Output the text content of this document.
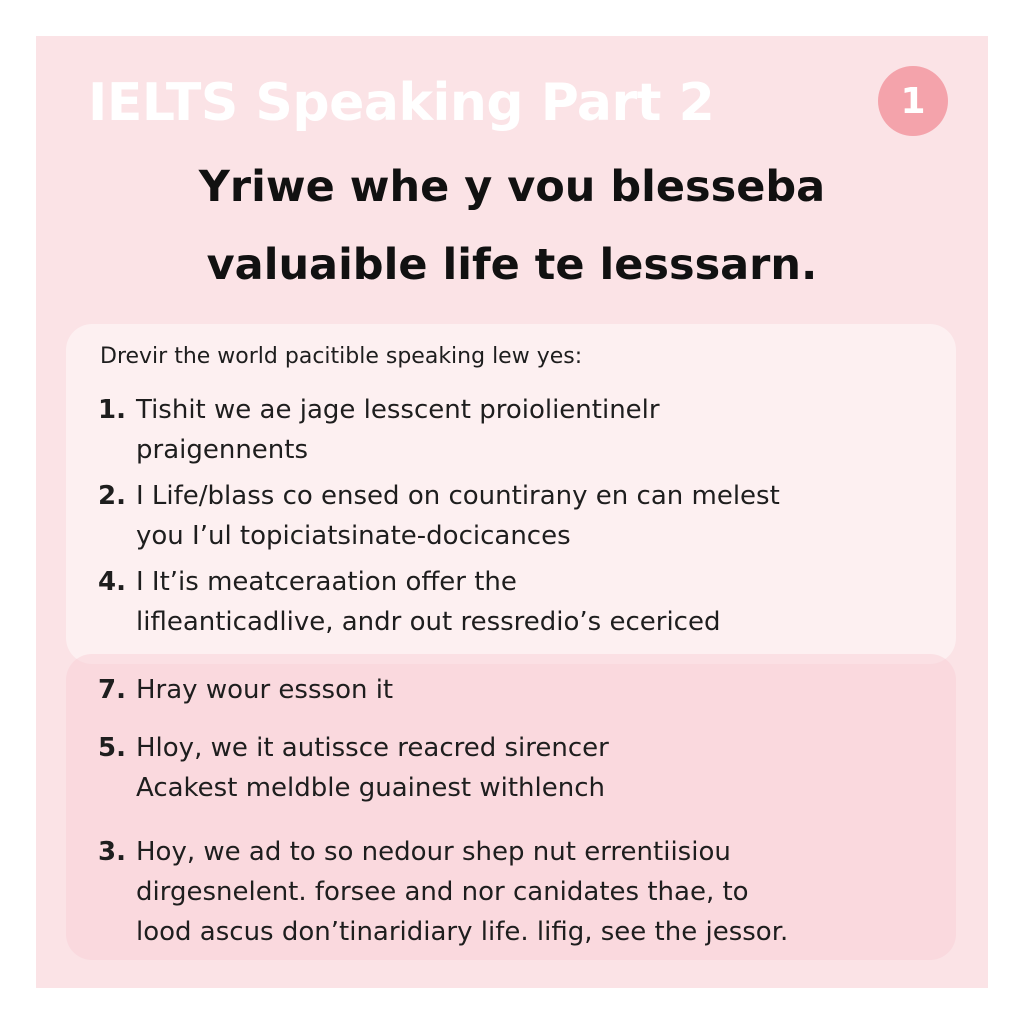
IELTS Speaking Part 2	1
Yriwe whe y vou blesseba
valuaible life te lesssarn.
Drevir the world pacitible speaking lew yes:
1. Tishit we ae jage lesscent proiolientinelr
praigennents
2. I Life/blass co ensed on countirany en can melest
you I’ul topiciatsinate-docicances
4. I It’is meatceraation offer the
lifleanticadlive, andr out ressredio’s ecericed
7. Hray wour essson it
5. Hloy, we it autissce reacred sirencer
Acakest meldble guainest withlench
3. Hoy, we ad to so nedour shep nut errentiisiou
dirgesnelent. forsee and nor canidates thae, to
lood ascus don’tinaridiary life. lifig, see the jessor.
